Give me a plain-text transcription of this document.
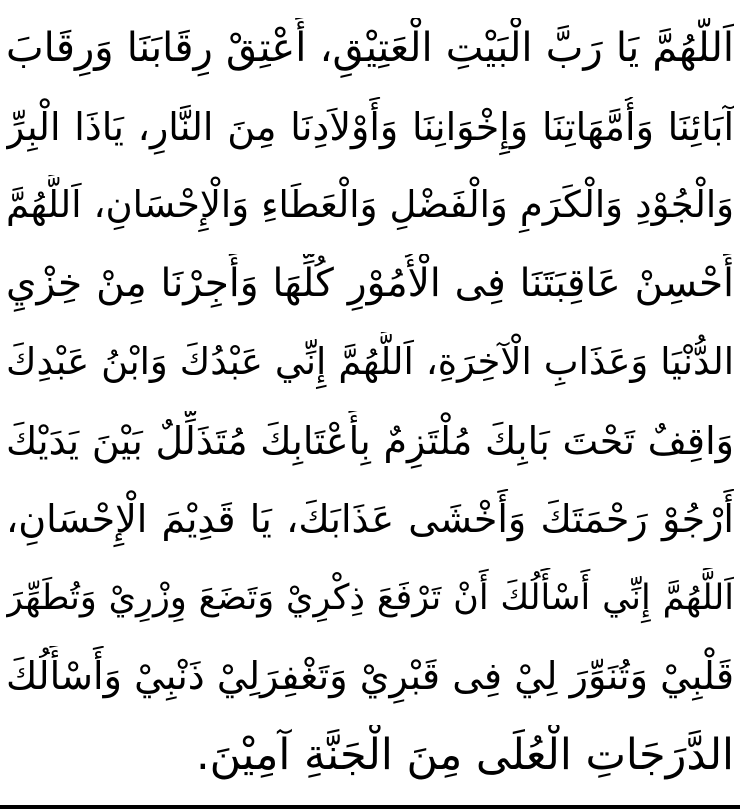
اَللَّهُمَّ يَا رَبَّ الْبَيْتِ الْعَتِيْقِ، أَعْتِقْ رِقَابَنَا وَرِقَابَ
آبَائِنَا وَأُمَّهَاتِنَا وَإِخْوَانِنَا وَأَوْلاَدِنَا مِنَ النَّارِ، يَاذَا الْبِرِّ
وَالْجُوْدِ وَالْكَرَمِ وَالْفَضْلِ وَالْعَطَاءِ وَالْإِحْسَانِ، اَللَّهُمَّ
أَحْسِنْ عَاقِبَتَنَا فِى الْأُمُوْرِ كُلِّهَا وَأَجِرْنَا مِنْ خِزْيِ
الدُّنْيَا وَعَذَابِ الْآخِرَةِ، اَللَّهُمَّ إِنِّي عَبْدُكَ وَابْنُ عَبْدِكَ
وَاقِفٌ تَحْتَ بَابِكَ مُلْتَزِمٌ بِأَعْتَابِكَ مُتَذَلِّلٌ بَيْنَ يَدَيْكَ
أَرْجُوْ رَحْمَتَكَ وَأَخْشَى عَذَابَكَ، يَا قَدِيْمَ الْإِحْسَانِ،
اَللَّهُمَّ إِنِّي أَسْأَلُكَ أَنْ تَرْفَعَ ذِكْرِيْ وَتَضَعَ وِزْرِيْ وَتُطَهِّرَ
قَلْبِيْ وَتُنَوِّرَ لِيْ فِى قَبْرِيْ وَتَغْفِرَلِيْ ذَنْبِيْ وَأَسْأَلُكَ
الدَّرَجَاتِ الْعُلَى مِنَ الْجَنَّةِ آمِيْنَ.
